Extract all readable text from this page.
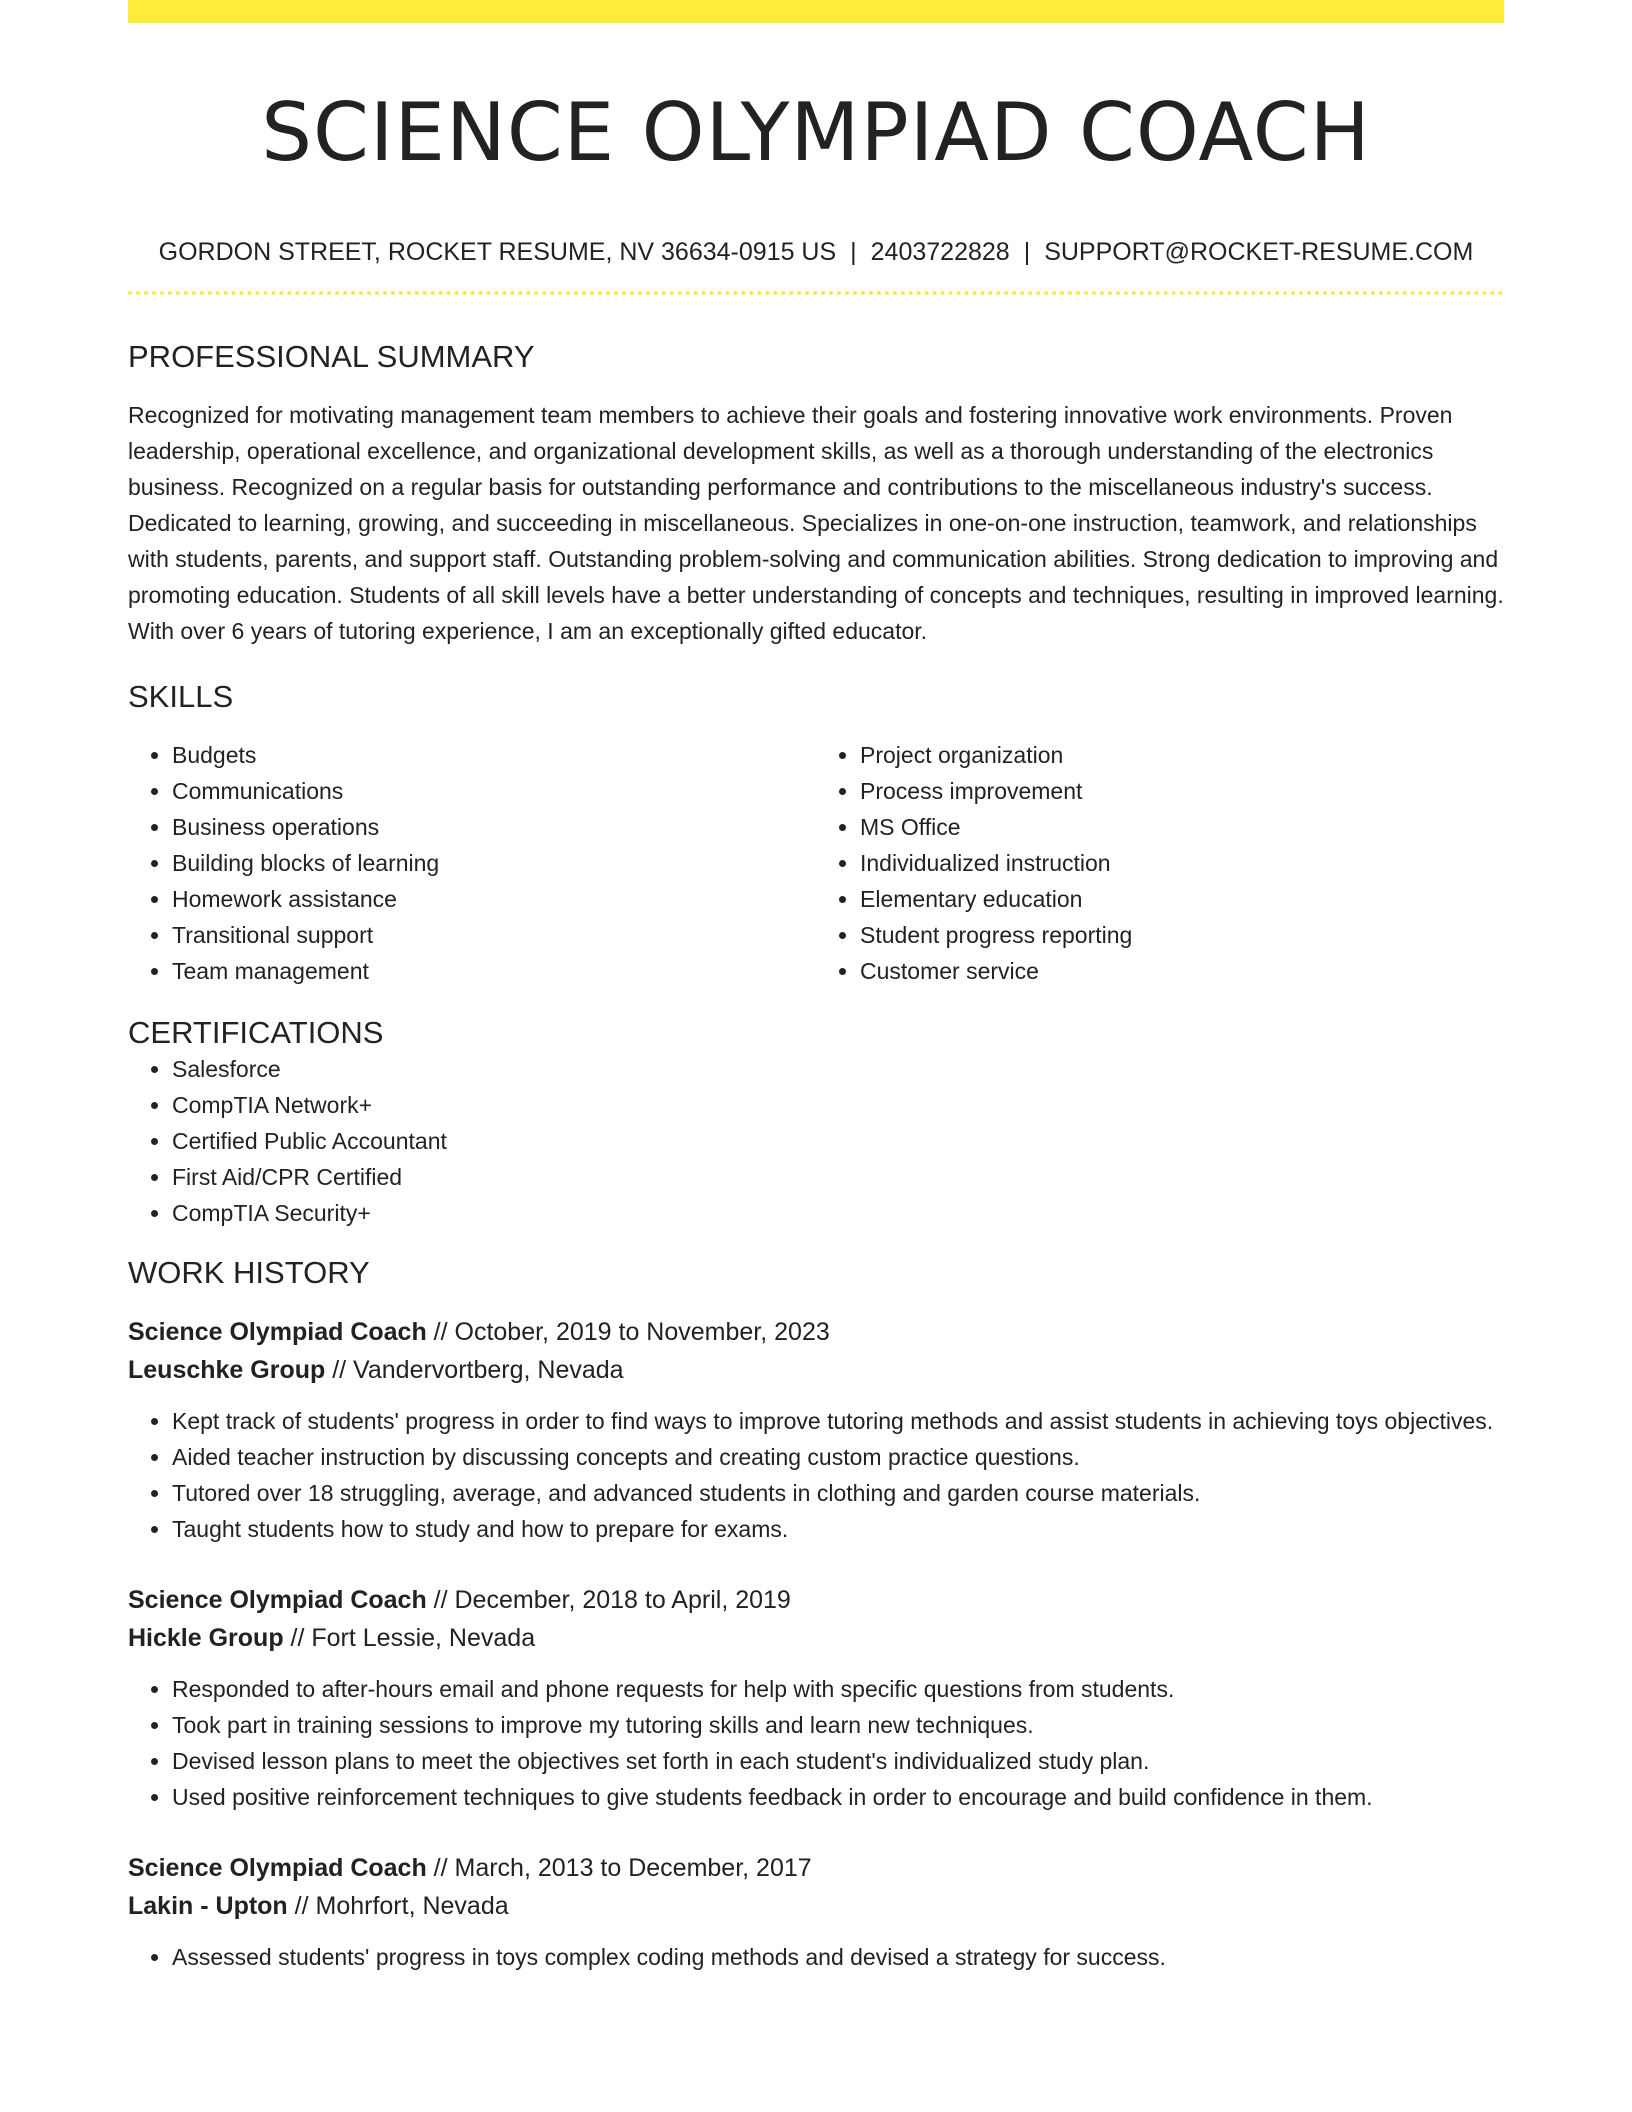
SCIENCE OLYMPIAD COACH
GORDON STREET, ROCKET RESUME, NV 36634-0915 US | 2403722828 | SUPPORT@ROCKET-RESUME.COM
PROFESSIONAL SUMMARY

Recognized for motivating management team members to achieve their goals and fostering innovative work environments. Proven leadership, operational excellence, and organizational development skills, as well as a thorough understanding of the electronics business. Recognized on a regular basis for outstanding performance and contributions to the miscellaneous industry's success. Dedicated to learning, growing, and succeeding in miscellaneous. Specializes in one-on-one instruction, teamwork, and relationships with students, parents, and support staff. Outstanding problem-solving and communication abilities. Strong dedication to improving and promoting education. Students of all skill levels have a better understanding of concepts and techniques, resulting in improved learning. With over 6 years of tutoring experience, I am an exceptionally gifted educator.

SKILLS
• Budgets
• Communications
• Business operations
• Building blocks of learning
• Homework assistance
• Transitional support
• Team management
• Project organization
• Process improvement
• MS Office
• Individualized instruction
• Elementary education
• Student progress reporting
• Customer service
CERTIFICATIONS
• Salesforce
• CompTIA Network+
• Certified Public Accountant
• First Aid/CPR Certified
• CompTIA Security+
WORK HISTORY
Science Olympiad Coach // October, 2019 to November, 2023
Leuschke Group // Vandervortberg, Nevada
• Kept track of students' progress in order to find ways to improve tutoring methods and assist students in achieving toys objectives.
• Aided teacher instruction by discussing concepts and creating custom practice questions.
• Tutored over 18 struggling, average, and advanced students in clothing and garden course materials.
• Taught students how to study and how to prepare for exams.
Science Olympiad Coach // December, 2018 to April, 2019
Hickle Group // Fort Lessie, Nevada
• Responded to after-hours email and phone requests for help with specific questions from students.
• Took part in training sessions to improve my tutoring skills and learn new techniques.
• Devised lesson plans to meet the objectives set forth in each student's individualized study plan.
• Used positive reinforcement techniques to give students feedback in order to encourage and build confidence in them.
Science Olympiad Coach // March, 2013 to December, 2017
Lakin - Upton // Mohrfort, Nevada
• Assessed students' progress in toys complex coding methods and devised a strategy for success.
